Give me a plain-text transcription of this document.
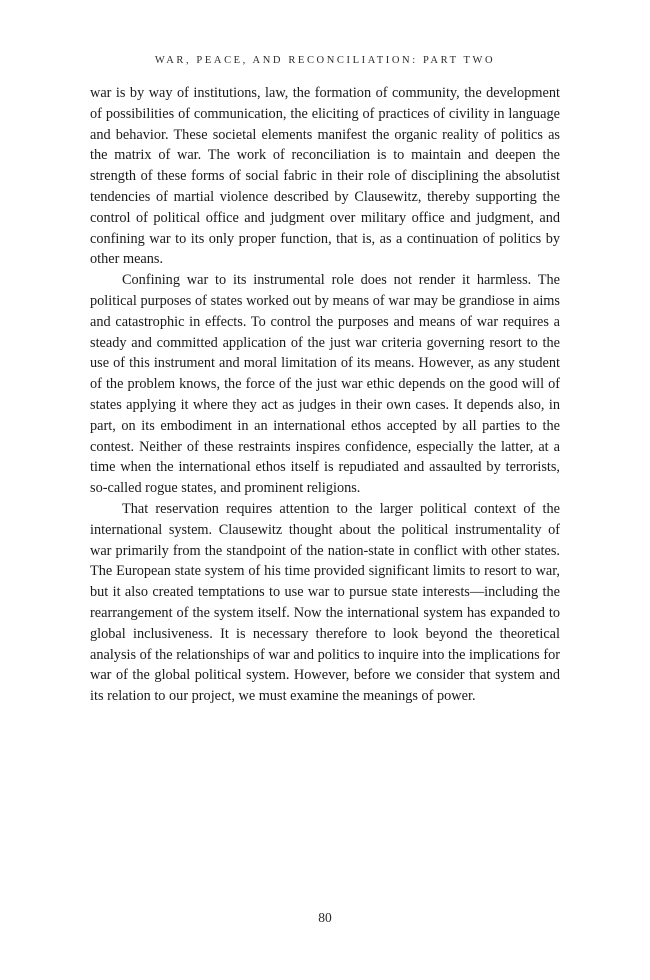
WAR, PEACE, AND RECONCILIATION: PART TWO

war is by way of institutions, law, the formation of community, the development of possibilities of communication, the eliciting of practices of civility in language and behavior. These societal elements manifest the organic reality of politics as the matrix of war. The work of reconciliation is to maintain and deepen the strength of these forms of social fabric in their role of disciplining the absolutist tendencies of martial violence described by Clausewitz, thereby supporting the control of political office and judgment over military office and judgment, and confining war to its only proper function, that is, as a continuation of politics by other means.

Confining war to its instrumental role does not render it harmless. The political purposes of states worked out by means of war may be grandiose in aims and catastrophic in effects. To control the purposes and means of war requires a steady and committed application of the just war criteria governing resort to the use of this instrument and moral limitation of its means. However, as any student of the problem knows, the force of the just war ethic depends on the good will of states applying it where they act as judges in their own cases. It depends also, in part, on its embodiment in an international ethos accepted by all parties to the contest. Neither of these restraints inspires confidence, especially the latter, at a time when the international ethos itself is repudiated and assaulted by terrorists, so-called rogue states, and prominent religions.

That reservation requires attention to the larger political context of the international system. Clausewitz thought about the political instrumentality of war primarily from the standpoint of the nation-state in conflict with other states. The European state system of his time provided significant limits to resort to war, but it also created temptations to use war to pursue state interests—including the rearrangement of the system itself. Now the international system has expanded to global inclusiveness. It is necessary therefore to look beyond the theoretical analysis of the relationships of war and politics to inquire into the implications for war of the global political system. However, before we consider that system and its relation to our project, we must examine the meanings of power.

80
